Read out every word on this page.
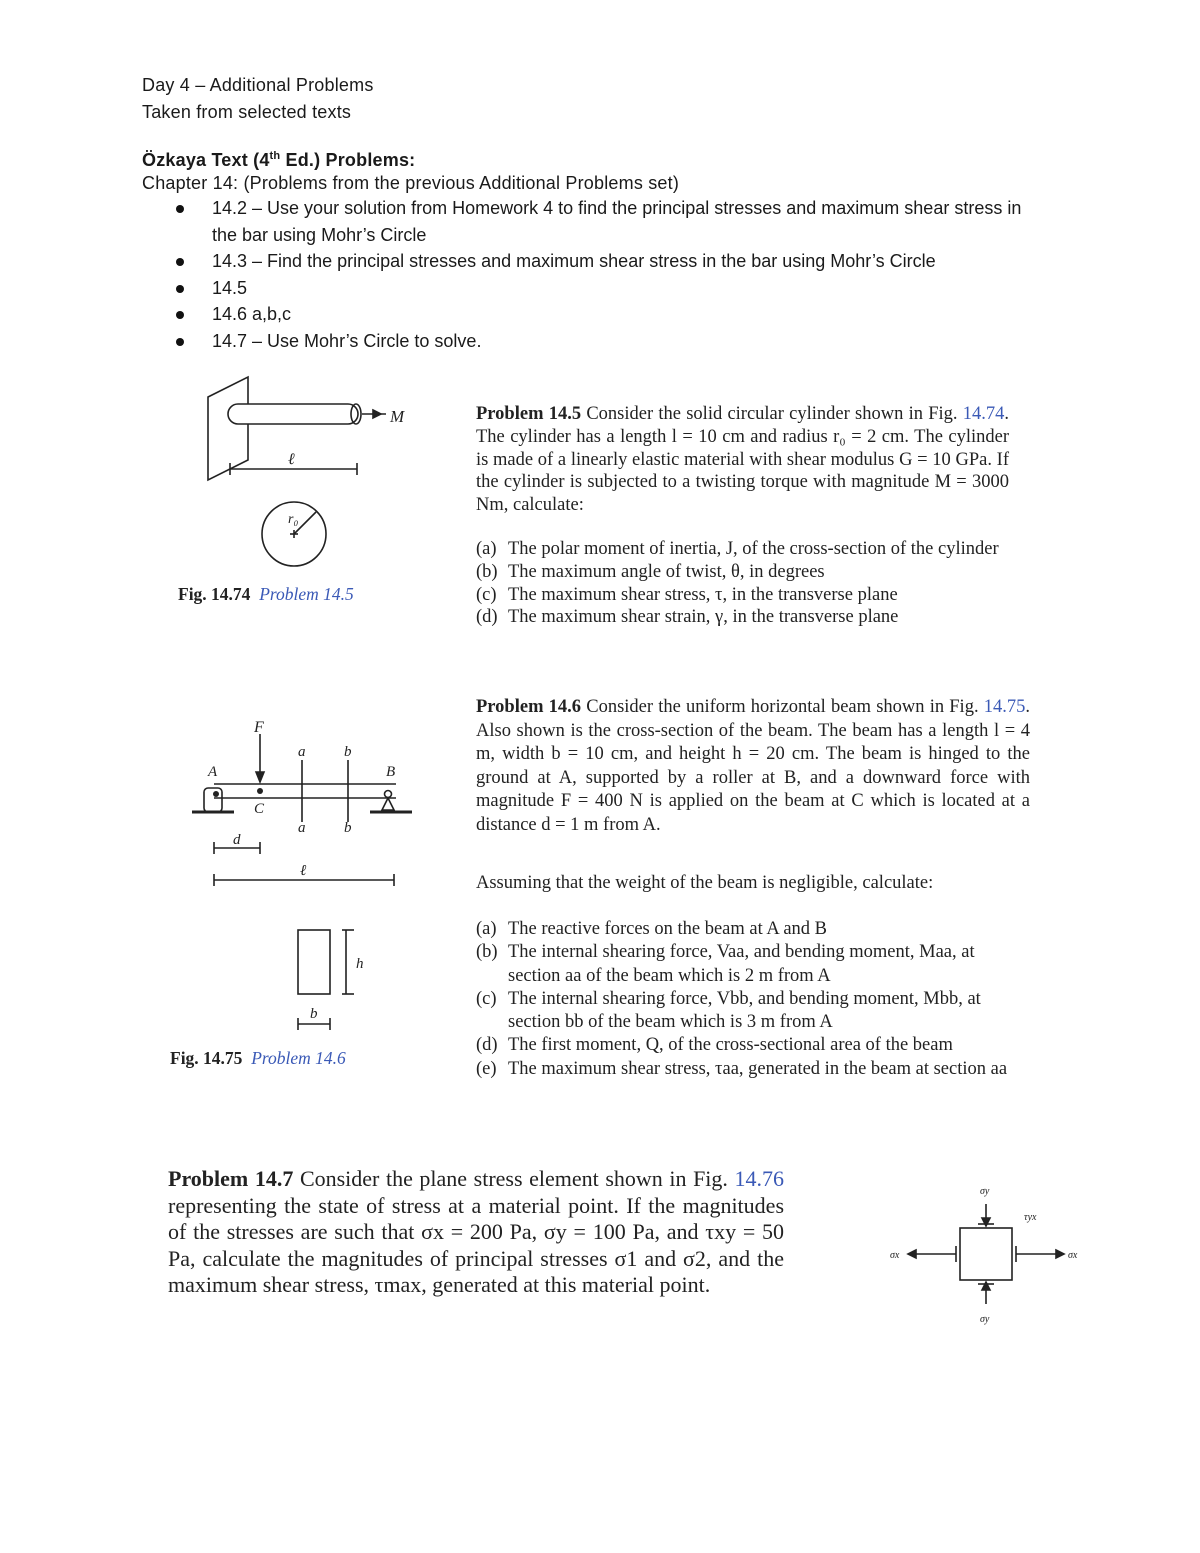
Day 4 – Additional Problems
Taken from selected texts
Özkaya Text (4th Ed.) Problems:
Chapter 14: (Problems from the previous Additional Problems set)
14.2 – Use your solution from Homework 4 to find the principal stresses and maximum shear stress in the bar using Mohr’s Circle
14.3 – Find the principal stresses and maximum shear stress in the bar using Mohr’s Circle
14.5
14.6 a,b,c
14.7 – Use Mohr’s Circle to solve.
M
ℓ
r₀
Fig. 14.74 Problem 14.5
Problem 14.5 Consider the solid circular cylinder shown in Fig. 14.74. The cylinder has a length l = 10 cm and radius r₀ = 2 cm. The cylinder is made of a linearly elastic material with shear modulus G = 10 GPa. If the cylinder is subjected to a twisting torque with magnitude M = 3000 Nm, calculate:
(a) The polar moment of inertia, J, of the cross-section of the cylinder
(b) The maximum angle of twist, θ, in degrees
(c) The maximum shear stress, τ, in the transverse plane
(d) The maximum shear strain, γ, in the transverse plane
F
a	b
A	B
C
a	b
d
ℓ
h
b
Fig. 14.75 Problem 14.6
Problem 14.6 Consider the uniform horizontal beam shown in Fig. 14.75. Also shown is the cross-section of the beam. The beam has a length l = 4 m, width b = 10 cm, and height h = 20 cm. The beam is hinged to the ground at A, supported by a roller at B, and a downward force with magnitude F = 400 N is applied on the beam at C which is located at a distance d = 1 m from A.
Assuming that the weight of the beam is negligible, calculate:
(a) The reactive forces on the beam at A and B
(b) The internal shearing force, Vaa, and bending moment, Maa, at section aa of the beam which is 2 m from A
(c) The internal shearing force, Vbb, and bending moment, Mbb, at section bb of the beam which is 3 m from A
(d) The first moment, Q, of the cross-sectional area of the beam
(e) The maximum shear stress, τaa, generated in the beam at section aa
Problem 14.7 Consider the plane stress element shown in Fig. 14.76 representing the state of stress at a material point. If the magnitudes of the stresses are such that σx = 200 Pa, σy = 100 Pa, and τxy = 50 Pa, calculate the magnitudes of principal stresses σ1 and σ2, and the maximum shear stress, τmax, generated at this material point.
σy
σy
σx	σx
τyx
